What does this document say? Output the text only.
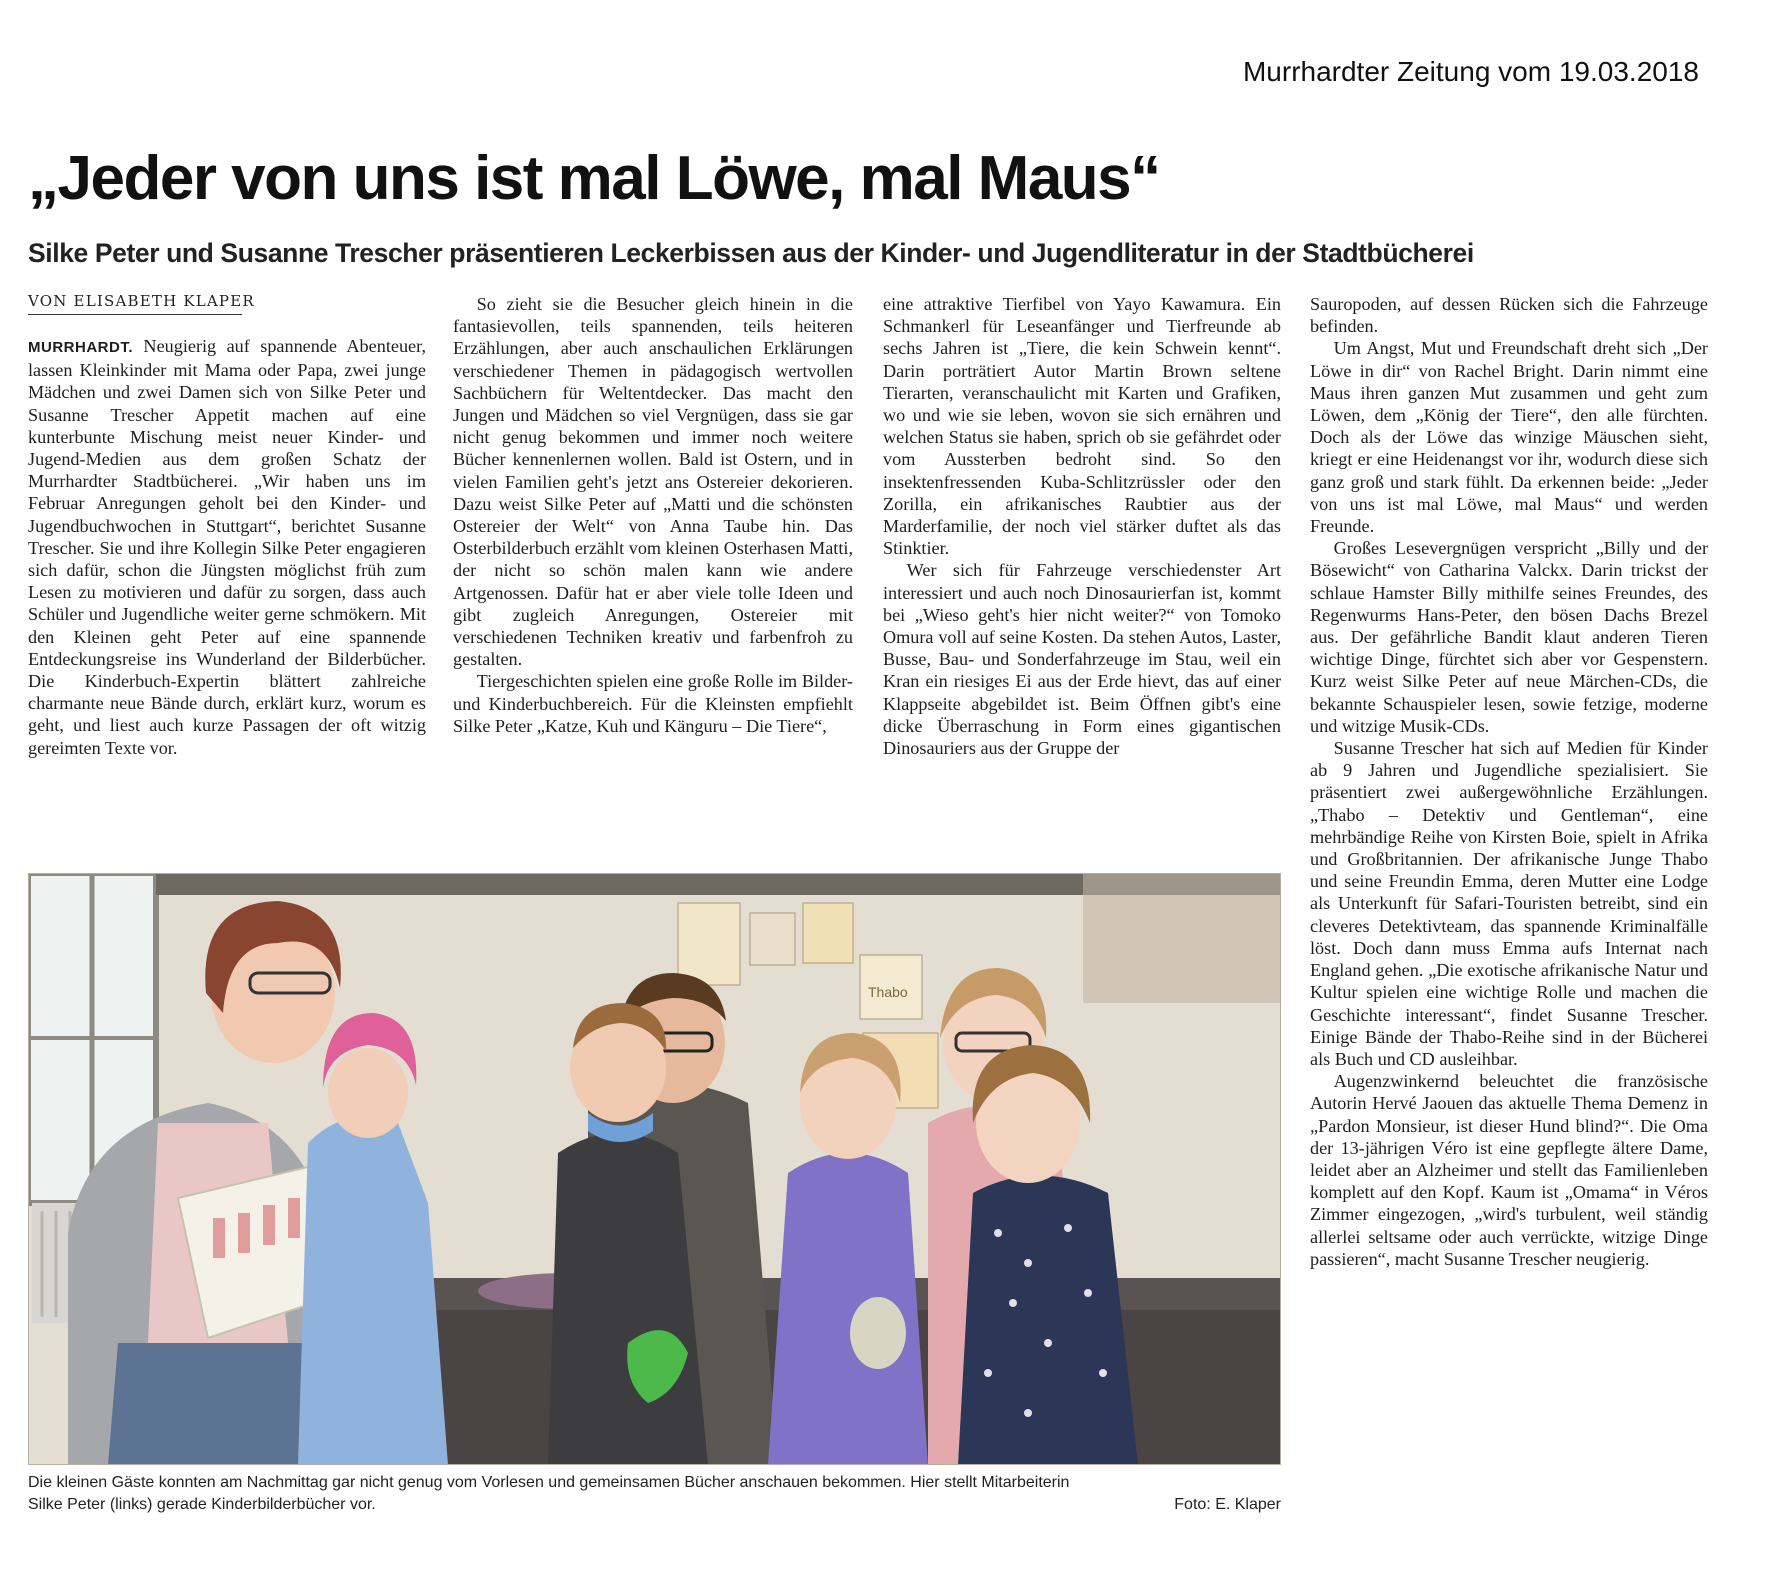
Murrhardter Zeitung vom 19.03.2018
„Jeder von uns ist mal Löwe, mal Maus“
Silke Peter und Susanne Trescher präsentieren Leckerbissen aus der Kinder- und Jugendliteratur in der Stadtbücherei
VON ELISABETH KLAPER

MURRHARDT. Neugierig auf spannende Abenteuer, lassen Kleinkinder mit Mama oder Papa, zwei junge Mädchen und zwei Damen sich von Silke Peter und Susanne Trescher Appetit machen auf eine kunterbunte Mischung meist neuer Kinder- und Jugend-Medien aus dem großen Schatz der Murrhardter Stadtbücherei. „Wir haben uns im Februar Anregungen geholt bei den Kinder- und Jugendbuchwochen in Stuttgart“, berichtet Susanne Trescher. Sie und ihre Kollegin Silke Peter engagieren sich dafür, schon die Jüngsten möglichst früh zum Lesen zu motivieren und dafür zu sorgen, dass auch Schüler und Jugendliche weiter gerne schmökern. Mit den Kleinen geht Peter auf eine spannende Entdeckungsreise ins Wunderland der Bilderbücher. Die Kinderbuch-Expertin blättert zahlreiche charmante neue Bände durch, erklärt kurz, worum es geht, und liest auch kurze Passagen der oft witzig gereimten Texte vor.

So zieht sie die Besucher gleich hinein in die fantasievollen, teils spannenden, teils heiteren Erzählungen, aber auch anschaulichen Erklärungen verschiedener Themen in pädagogisch wertvollen Sachbüchern für Weltentdecker. Das macht den Jungen und Mädchen so viel Vergnügen, dass sie gar nicht genug bekommen und immer noch weitere Bücher kennenlernen wollen. Bald ist Ostern, und in vielen Familien geht's jetzt ans Ostereier dekorieren. Dazu weist Silke Peter auf „Matti und die schönsten Ostereier der Welt“ von Anna Taube hin. Das Osterbilderbuch erzählt vom kleinen Osterhasen Matti, der nicht so schön malen kann wie andere Artgenossen. Dafür hat er aber viele tolle Ideen und gibt zugleich Anregungen, Ostereier mit verschiedenen Techniken kreativ und farbenfroh zu gestalten.

Tiergeschichten spielen eine große Rolle im Bilder- und Kinderbuchbereich. Für die Kleinsten empfiehlt Silke Peter „Katze, Kuh und Känguru – Die Tiere“,

eine attraktive Tierfibel von Yayo Kawamura. Ein Schmankerl für Leseanfänger und Tierfreunde ab sechs Jahren ist „Tiere, die kein Schwein kennt“. Darin porträtiert Autor Martin Brown seltene Tierarten, veranschaulicht mit Karten und Grafiken, wo und wie sie leben, wovon sie sich ernähren und welchen Status sie haben, sprich ob sie gefährdet oder vom Aussterben bedroht sind. So den insektenfressenden Kuba-Schlitzrüssler oder den Zorilla, ein afrikanisches Raubtier aus der Marderfamilie, der noch viel stärker duftet als das Stinktier.

Wer sich für Fahrzeuge verschiedenster Art interessiert und auch noch Dinosaurierfan ist, kommt bei „Wieso geht's hier nicht weiter?“ von Tomoko Omura voll auf seine Kosten. Da stehen Autos, Laster, Busse, Bau- und Sonderfahrzeuge im Stau, weil ein Kran ein riesiges Ei aus der Erde hievt, das auf einer Klappseite abgebildet ist. Beim Öffnen gibt's eine dicke Überraschung in Form eines gigantischen Dinosauriers aus der Gruppe der

Sauropoden, auf dessen Rücken sich die Fahrzeuge befinden.

Um Angst, Mut und Freundschaft dreht sich „Der Löwe in dir“ von Rachel Bright. Darin nimmt eine Maus ihren ganzen Mut zusammen und geht zum Löwen, dem „König der Tiere“, den alle fürchten. Doch als der Löwe das winzige Mäuschen sieht, kriegt er eine Heidenangst vor ihr, wodurch diese sich ganz groß und stark fühlt. Da erkennen beide: „Jeder von uns ist mal Löwe, mal Maus“ und werden Freunde.

Großes Lesevergnügen verspricht „Billy und der Bösewicht“ von Catharina Valckx. Darin trickst der schlaue Hamster Billy mithilfe seines Freundes, des Regenwurms Hans-Peter, den bösen Dachs Brezel aus. Der gefährliche Bandit klaut anderen Tieren wichtige Dinge, fürchtet sich aber vor Gespenstern. Kurz weist Silke Peter auf neue Märchen-CDs, die bekannte Schauspieler lesen, sowie fetzige, moderne und witzige Musik-CDs.

Susanne Trescher hat sich auf Medien für Kinder ab 9 Jahren und Jugendliche spezialisiert. Sie präsentiert zwei außergewöhnliche Erzählungen. „Thabo – Detektiv und Gentleman“, eine mehrbändige Reihe von Kirsten Boie, spielt in Afrika und Großbritannien. Der afrikanische Junge Thabo und seine Freundin Emma, deren Mutter eine Lodge als Unterkunft für Safari-Touristen betreibt, sind ein cleveres Detektivteam, das spannende Kriminalfälle löst. Doch dann muss Emma aufs Internat nach England gehen. „Die exotische afrikanische Natur und Kultur spielen eine wichtige Rolle und machen die Geschichte interessant“, findet Susanne Trescher. Einige Bände der Thabo-Reihe sind in der Bücherei als Buch und CD ausleihbar.

Augenzwinkernd beleuchtet die französische Autorin Hervé Jaouen das aktuelle Thema Demenz in „Pardon Monsieur, ist dieser Hund blind?“. Die Oma der 13-jährigen Véro ist eine gepflegte ältere Dame, leidet aber an Alzheimer und stellt das Familienleben komplett auf den Kopf. Kaum ist „Omama“ in Véros Zimmer eingezogen, „wird's turbulent, weil ständig allerlei seltsame oder auch verrückte, witzige Dinge passieren“, macht Susanne Trescher neugierig.

Thabo
Die kleinen Gäste konnten am Nachmittag gar nicht genug vom Vorlesen und gemeinsamen Bücher anschauen bekommen. Hier stellt Mitarbeiterin
Silke Peter (links) gerade Kinderbilderbücher vor.	Foto: E. Klaper
